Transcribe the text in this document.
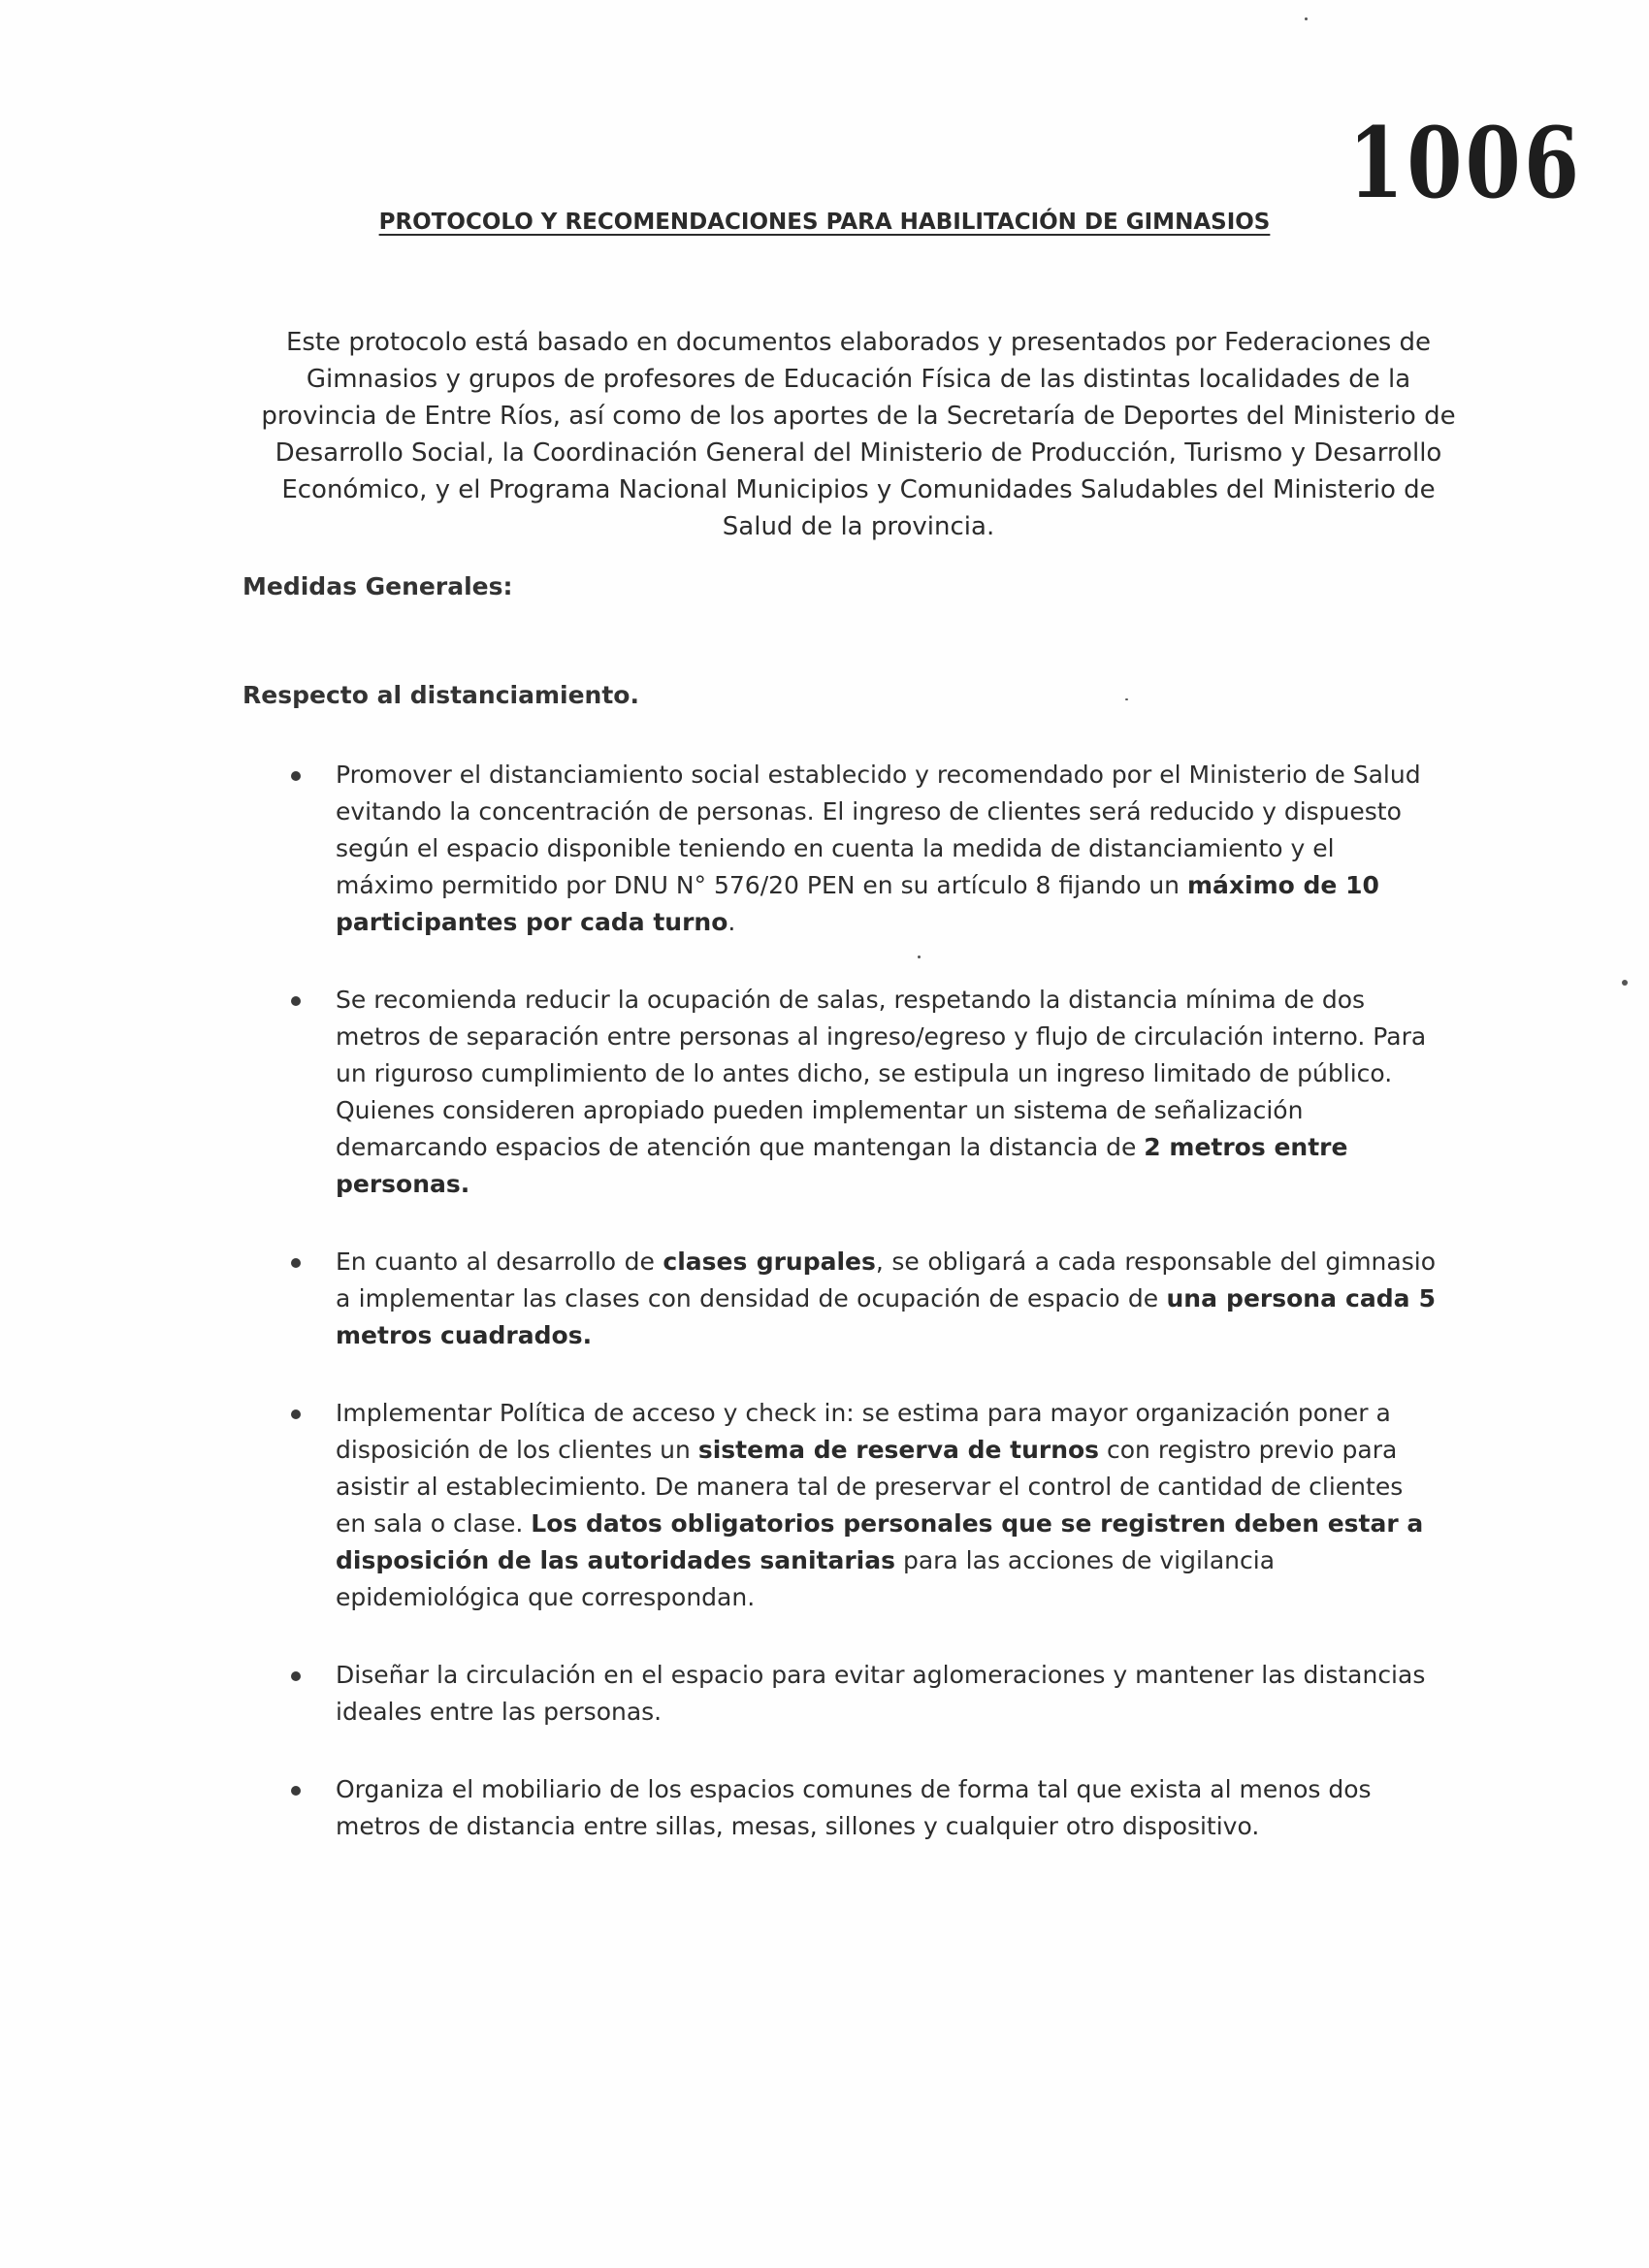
1006
PROTOCOLO Y RECOMENDACIONES PARA HABILITACIÓN DE GIMNASIOS
Este protocolo está basado en documentos elaborados y presentados por Federaciones de Gimnasios y grupos de profesores de Educación Física de las distintas localidades de la provincia de Entre Ríos, así como de los aportes de la Secretaría de Deportes del Ministerio de Desarrollo Social, la Coordinación General del Ministerio de Producción, Turismo y Desarrollo Económico, y el Programa Nacional Municipios y Comunidades Saludables del Ministerio de Salud de la provincia.
Medidas Generales:
Respecto al distanciamiento.
Promover el distanciamiento social establecido y recomendado por el Ministerio de Salud evitando la concentración de personas. El ingreso de clientes será reducido y dispuesto según el espacio disponible teniendo en cuenta la medida de distanciamiento y el máximo permitido por DNU N° 576/20 PEN en su artículo 8 fijando un máximo de 10 participantes por cada turno.
Se recomienda reducir la ocupación de salas, respetando la distancia mínima de dos metros de separación entre personas al ingreso/egreso y flujo de circulación interno. Para un riguroso cumplimiento de lo antes dicho, se estipula un ingreso limitado de público. Quienes consideren apropiado pueden implementar un sistema de señalización demarcando espacios de atención que mantengan la distancia de 2 metros entre personas.
En cuanto al desarrollo de clases grupales, se obligará a cada responsable del gimnasio a implementar las clases con densidad de ocupación de espacio de una persona cada 5 metros cuadrados.
Implementar Política de acceso y check in: se estima para mayor organización poner a disposición de los clientes un sistema de reserva de turnos con registro previo para asistir al establecimiento. De manera tal de preservar el control de cantidad de clientes en sala o clase. Los datos obligatorios personales que se registren deben estar a disposición de las autoridades sanitarias para las acciones de vigilancia epidemiológica que correspondan.
Diseñar la circulación en el espacio para evitar aglomeraciones y mantener las distancias ideales entre las personas.
Organiza el mobiliario de los espacios comunes de forma tal que exista al menos dos metros de distancia entre sillas, mesas, sillones y cualquier otro dispositivo.
